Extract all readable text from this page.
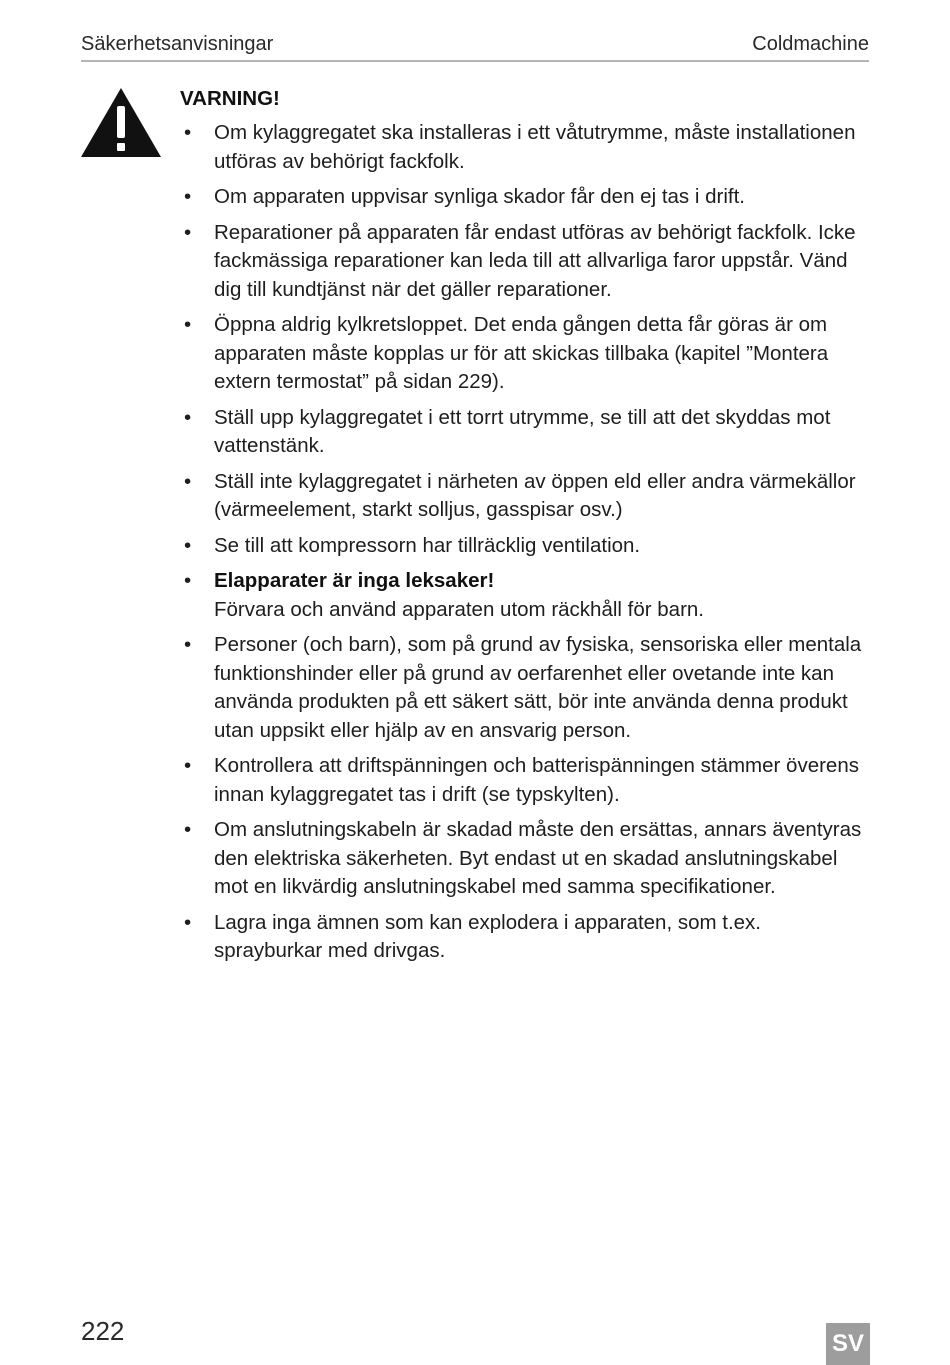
Säkerhetsanvisningar	Coldmachine
VARNING!
•	Om kylaggregatet ska installeras i ett våtutrymme, måste installationen utföras av behörigt fackfolk.
•	Om apparaten uppvisar synliga skador får den ej tas i drift.
•	Reparationer på apparaten får endast utföras av behörigt fackfolk. Icke fackmässiga reparationer kan leda till att allvarliga faror uppstår. Vänd dig till kundtjänst när det gäller reparationer.
•	Öppna aldrig kylkretsloppet. Det enda gången detta får göras är om apparaten måste kopplas ur för att skickas tillbaka (kapitel ”Montera extern termostat” på sidan 229).
•	Ställ upp kylaggregatet i ett torrt utrymme, se till att det skyddas mot vattenstänk.
•	Ställ inte kylaggregatet i närheten av öppen eld eller andra värmekällor (värmeelement, starkt solljus, gasspisar osv.)
•	Se till att kompressorn har tillräcklig ventilation.
•	Elapparater är inga leksaker!
Förvara och använd apparaten utom räckhåll för barn.
•	Personer (och barn), som på grund av fysiska, sensoriska eller mentala funktionshinder eller på grund av oerfarenhet eller ovetande inte kan använda produkten på ett säkert sätt, bör inte använda denna produkt utan uppsikt eller hjälp av en ansvarig person.
•	Kontrollera att driftspänningen och batterispänningen stämmer överens innan kylaggregatet tas i drift (se typskylten).
•	Om anslutningskabeln är skadad måste den ersättas, annars äventyras den elektriska säkerheten. Byt endast ut en skadad anslutningskabel mot en likvärdig anslutningskabel med samma specifikationer.
•	Lagra inga ämnen som kan explodera i apparaten, som t.ex. sprayburkar med drivgas.
222	SV
